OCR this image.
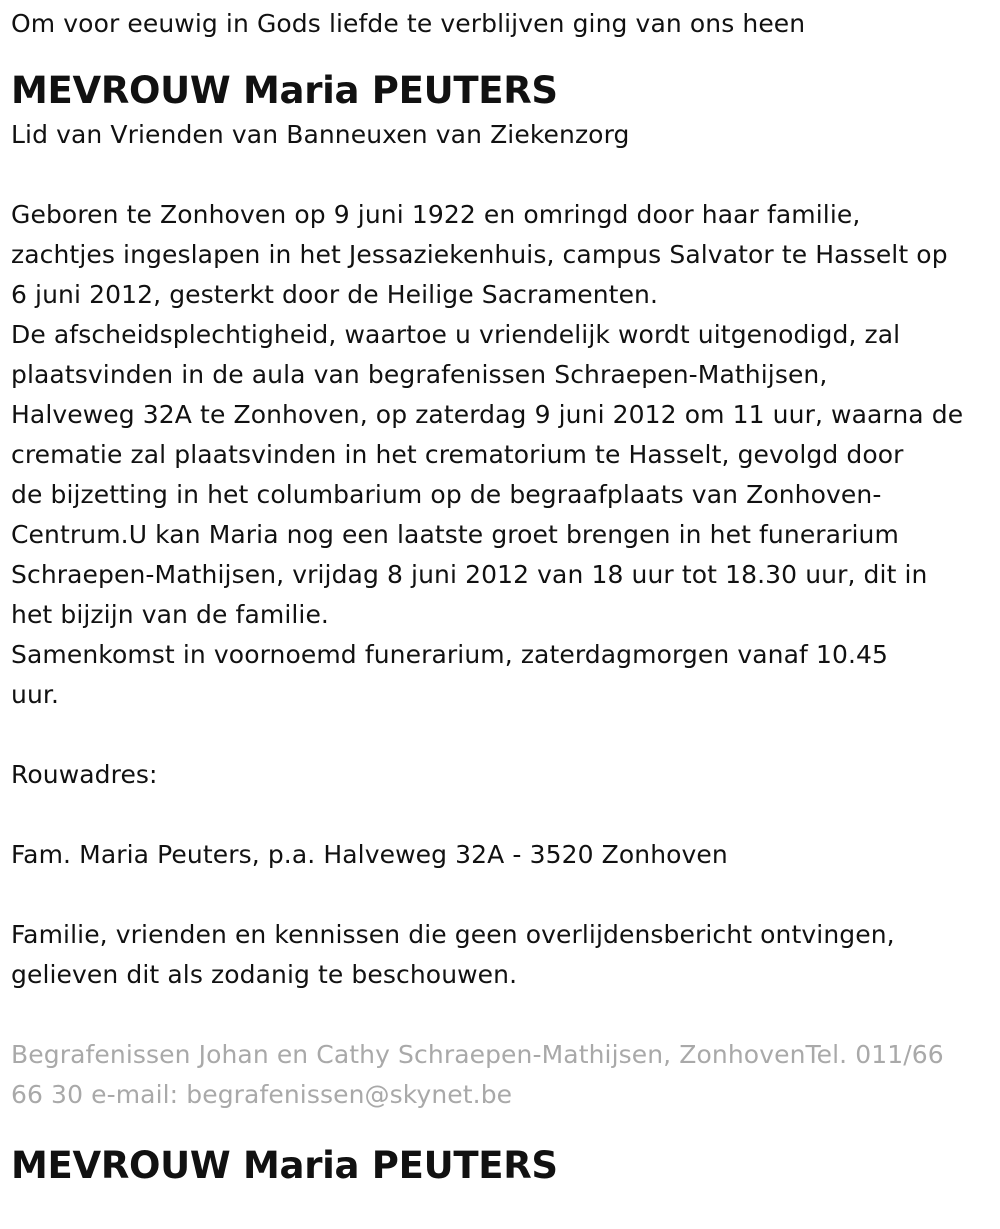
Om voor eeuwig in Gods liefde te verblijven ging van ons heen
MEVROUW Maria PEUTERS
Lid van Vrienden van Banneuxen van Ziekenzorg
Geboren te Zonhoven op 9 juni 1922 en omringd door haar familie,
zachtjes ingeslapen in het Jessaziekenhuis, campus Salvator te Hasselt op
6 juni 2012, gesterkt door de Heilige Sacramenten.
De afscheidsplechtigheid, waartoe u vriendelijk wordt uitgenodigd, zal
plaatsvinden in de aula van begrafenissen Schraepen-Mathijsen,
Halveweg 32A te Zonhoven, op zaterdag 9 juni 2012 om 11 uur, waarna de
crematie zal plaatsvinden in het crematorium te Hasselt, gevolgd door
de bijzetting in het columbarium op de begraafplaats van Zonhoven-
Centrum.U kan Maria nog een laatste groet brengen in het funerarium
Schraepen-Mathijsen, vrijdag 8 juni 2012 van 18 uur tot 18.30 uur, dit in
het bijzijn van de familie.
Samenkomst in voornoemd funerarium, zaterdagmorgen vanaf 10.45
uur.
Rouwadres:
Fam. Maria Peuters, p.a. Halveweg 32A - 3520 Zonhoven
Familie, vrienden en kennissen die geen overlijdensbericht ontvingen,
gelieven dit als zodanig te beschouwen.
Begrafenissen Johan en Cathy Schraepen-Mathijsen, ZonhovenTel. 011/66
66 30 e-mail: begrafenissen@skynet.be
MEVROUW Maria PEUTERS
